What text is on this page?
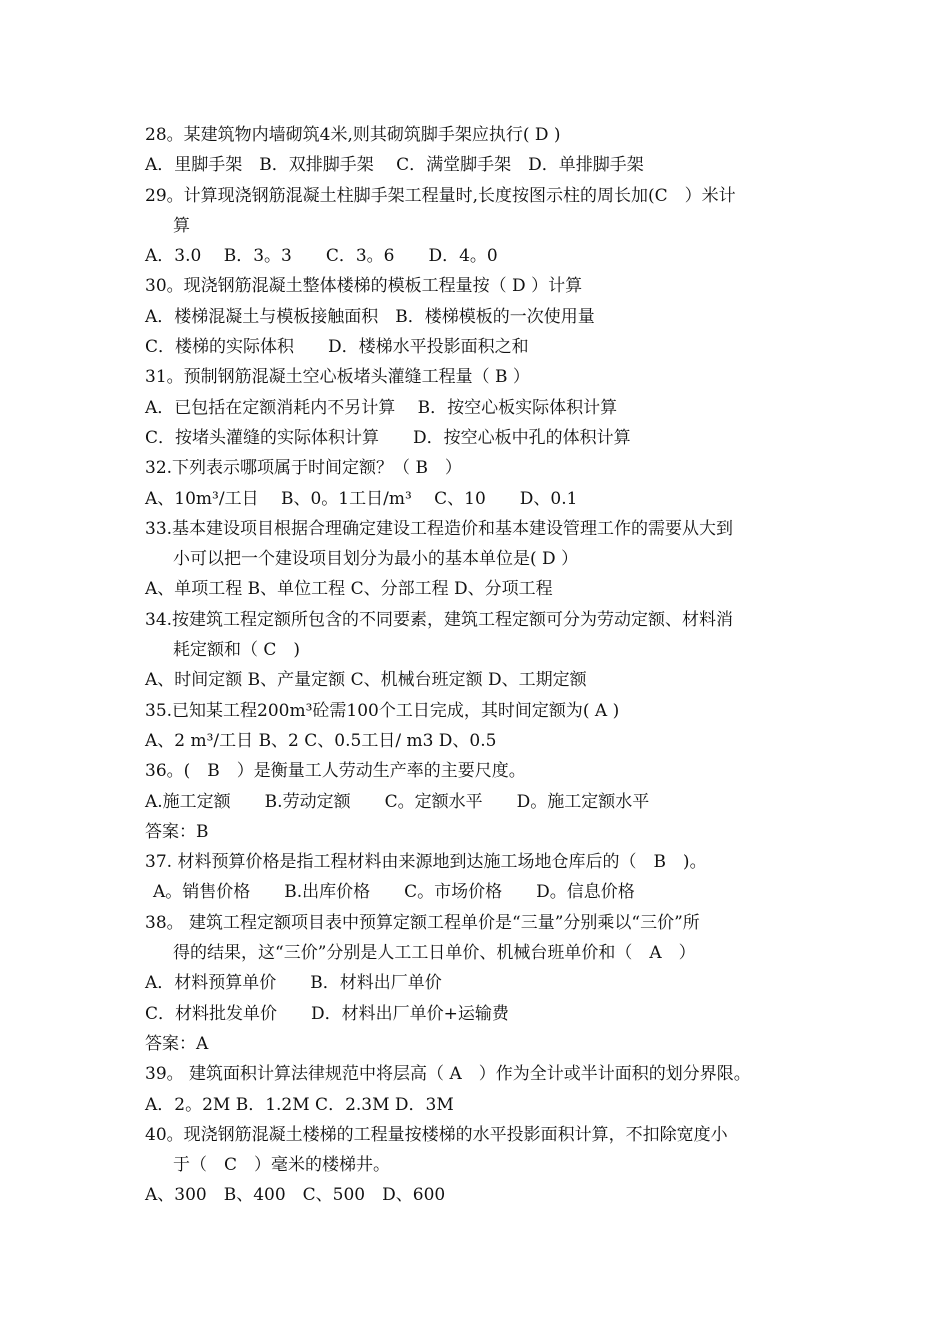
28。某建筑物内墙砌筑4米,则其砌筑脚手架应执行( D )
A．里脚手架　B．双排脚手架　 C．满堂脚手架　D．单排脚手架
29。计算现浇钢筋混凝土柱脚手架工程量时,长度按图示柱的周长加(C　）米计
算
A．3.0　 B．3。3　　C．3。6　　D．4。0
30。现浇钢筋混凝土整体楼梯的模板工程量按（ D ）计算
A．楼梯混凝土与模板接触面积　B．楼梯模板的一次使用量
C．楼梯的实际体积　　D．楼梯水平投影面积之和
31。预制钢筋混凝土空心板堵头灌缝工程量（ B ）
A．已包括在定额消耗内不另计算　 B．按空心板实际体积计算
C．按堵头灌缝的实际体积计算　　D．按空心板中孔的体积计算
32.下列表示哪项属于时间定额？（ B　）
A、10m³/工日　 B、0。1工日/m³　 C、10　　D、0.1
33.基本建设项目根据合理确定建设工程造价和基本建设管理工作的需要从大到
小可以把一个建设项目划分为最小的基本单位是( D ）
A、单项工程 B、单位工程 C、分部工程 D、分项工程
34.按建筑工程定额所包含的不同要素，建筑工程定额可分为劳动定额、材料消
耗定额和（ C　)
A、时间定额 B、产量定额 C、机械台班定额 D、工期定额
35.已知某工程200m³砼需100个工日完成，其时间定额为( A )
A、2 m³/工日 B、2 C、0.5工日/ m3 D、0.5
36。(　B　）是衡量工人劳动生产率的主要尺度。
A.施工定额　　B.劳动定额　　C。定额水平　　D。施工定额水平
答案：B
37. 材料预算价格是指工程材料由来源地到达施工场地仓库后的（　B　)。
A。销售价格　　B.出库价格　　C。市场价格　　D。信息价格
38。 建筑工程定额项目表中预算定额工程单价是“三量”分别乘以“三价”所
得的结果，这“三价”分别是人工工日单价、机械台班单价和（　A　）
A．材料预算单价　　B．材料出厂单价
C．材料批发单价　　D．材料出厂单价+运输费
答案：A
39。 建筑面积计算法律规范中将层高（ A　）作为全计或半计面积的划分界限。
A．2。2M B．1.2M C．2.3M D．3M
40。现浇钢筋混凝土楼梯的工程量按楼梯的水平投影面积计算，不扣除宽度小
于（　C　）毫米的楼梯井。
A、300　B、400　C、500　D、600
